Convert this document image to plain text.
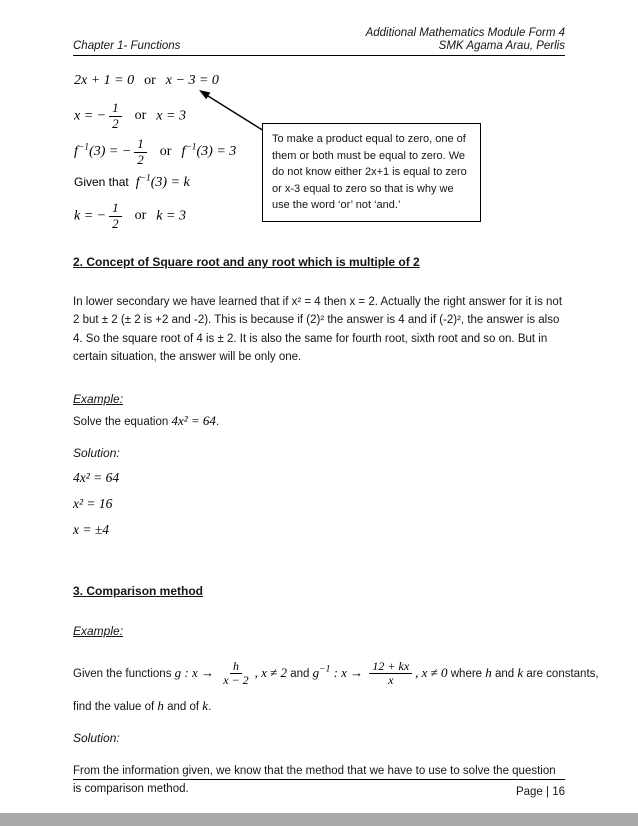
Additional Mathematics Module Form 4
Chapter 1- Functions	SMK Agama Arau, Perlis
2x + 1 = 0 or x − 3 = 0
x = − $\frac{1}{2}$ or x = 3
$f^{-1}(3)$ = − $\frac{1}{2}$ or $f^{-1}(3) = 3$
Given that $f^{-1}(3) = k$
k = − $\frac{1}{2}$ or k = 3
To make a product equal to zero, one of them or both must be equal to zero. We do not know either 2x+1 is equal to zero or x-3 equal to zero so that is why we use the word ‘or’ not ‘and.’
2. Concept of Square root and any root which is multiple of 2
In lower secondary we have learned that if x² = 4 then x = 2. Actually the right answer for it is not 2 but ± 2 (± 2 is +2 and -2). This is because if (2)² the answer is 4 and if (-2)², the answer is also 4. So the square root of 4 is ± 2. It is also the same for fourth root, sixth root and so on. But in certain situation, the answer will be only one.
Example:
Solve the equation 4x² = 64.
Solution:
4x² = 64
x² = 16
x = ±4
3. Comparison method
Example:
Given the functions g : $x \to \frac{h}{x - 2}$ , x ≠ 2 and $g^{-1}$ : $x \to \frac{12 + kx}{x}$ , x ≠ 0 where h and k are constants,
find the value of h and of k.
Solution:
From the information given, we know that the method that we have to use to solve the question is comparison method.	Page | 16
